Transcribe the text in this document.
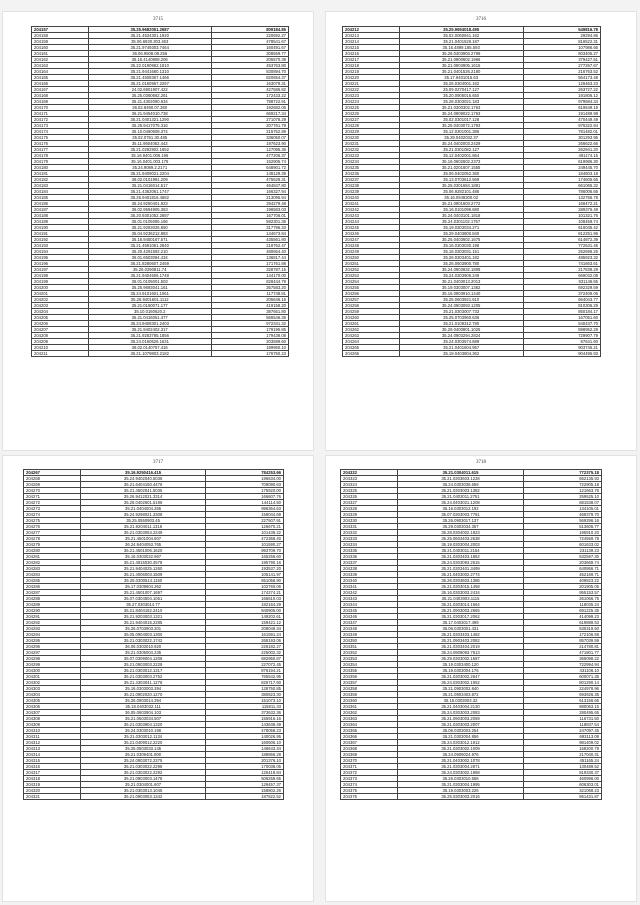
3715
204157	35.25.9682051.2687	809184.85
204158	35.21.4534301.1920	220692.27
204159	35.06.6930.303.463	478541.67
204160	35.21.9749303.7464	160491.67
204161	36.06.9508.08.256	308559.77
204162	35.16.4140808.206	205570.39
204163	35.22.0190962.1810	453763.80
204164	35.21.9441680.1310	830894.70
204165	35.21.4508367.1466	820654.37
204166	35.21.0160967.2267	163079.31
204167	24.02.6901907.422	427586.82
204168	35.25.0360662.261	172433.22
204169	35.21.4302090.634	798722.91
204170	36.02.8490.07.360	192682.06
204171	36.21.9454010.738	669217.34
204172	35.21.0401321.1290	271078.29
204173	35.25.9417075.316	207761.79
204174	35.10.0460608.374	215752.89
204175	35.02.0761.30.485	336050.07
204176	35.11.9504062.443	197623.90
204177	35.21.0282902.1652	127095.36
204178	35.16.9401.006.196	477206.37
204179	35.16.0401.003.176	152905.74
204180	35.24.9089.2.2171	648901.72
204181	35.21.9409021.2204	148129.39
204182	36.02.0101981.209	475628.31
204183	35.21.0416014.517	464847.80
204184	35.21.4362061.1747	166327.94
204185	35.26.9401816.4682	213095.94
204186	35.24.9250401.923	294279.48
204187	36.02.9594905.363	196583.03
204188	35.20.9301052.2687	167706.01
204189	35.01.0105085.166	592301.36
204190	35.21.9283026.650	317796.33
204191	35.04.9236212.883	144673.84
204192	35.16.9450167.571	435561.80
204193	35.21.4591061.2840	218762.47
204194	35.20.4291692.210	480664.40
204195	36.01.6503084.434	136817.44
204196	35.21.8280607.2459	171761.88
204197	35.26.0290811.74	328787.15
204198	35.21.9404506.1748	144170.00
204199	36.01.0105001.503	828444.79
204200	35.25.9693041.161	357583.20
204201	35.24.9101601.1061	117748.81
204202	35.26.9401601.1112	205646.16
204203	35.21.0160071.177	419158.20
204204	35.10.0160620.2	387651.80
204205	35.21.0416051.477	566546.36
204206	35.24.9408301.2403	972341.32
204207	35.21.9402402.317	179195.85
204208	35.21.9283785.1856	179438.08
204209	35.24.0160626.1631	203589.60
204210	36.02.0140757.416	199960.10
204211	35.21.1079803.2182	176750.23
3716
204212	35.25.9694018.495	549816.78
204213	35.02.0060941.162	29294.86
204214	35.21.0401526.187	816522.31
204215	35.16.4899.185.593	107986.66
204216	35.26.0403903.2799	803405.27
204217	35.21.0900602.1966	379427.51
204218	35.21.0903905.1615	277257.67
204219	35.21.0401526.2180	216763.52
204220	35.17.9401015.63	564173.48
204221	35.26.0304001.162	126463.23
204222	25.09.0270417.127	263727.22
204223	35.20.0906016.650	191806.12
204224	35.28.0303021.183	979684.34
204225	35.21.0300302.1763	619549.19
204226	35.24.0909022.1763	191489.98
204227	35.02.0301017.128	470449.49
204228	35.25.0403072.1793	976322.94
204229	35.12.0301001.386	781482.01
204230	35.29.0402032.37	301293.95
204231	35.24.0402003.2429	266622.66
204232	35.21.0301082.127	262941.20
204233	35.12.0402001.864	491174.15
204234	35.16.0602602.2373	619986.30
204235	35.21.0201607.1555	249445.70
204236	35.06.0402052.360	184603.18
204237	35.13.0703612.569	174605.65
204238	35.25.0301684.1881	661065.32
204239	35.06.9282101.486	786006.66
204240	35.16.0949300.02	132756.78
204241	35.21.0901603.2772	168472.21
204242	35.16.0101096.680	289376.49
204243	35.24.0403101.1818	101321.76
204244	35.24.0301102.1757	108459.74
204245	35.19.0303034.271	616045.42
204246	35.29.0403800.840	812251.96
204247	35.25.0403602.1675	614872.39
204248	35.16.0303030.198	772631.46
204249	35.16.0303031.151	252696.25
204250	35.26.0303401.182	485923.32
204251	35.26.0603900.780	741663.61
204252	35.24.0903932.1808	217839.29
204253	35.24.0303906.249	669032.08
204254	35.21.0403013.2013	831146.65
204255	35.19.0303007.1362	692329.59
204256	35.16.0903910.1440	372409.06
204257	35.25.0603921.610	664043.77
204258	35.24.0903093.1205	810306.29
204259	35.21.0303007.733	850184.17
204260	35.25.0703960.636	167051.60
204261	35.21.0109312.780	540437.70
204262	35.29.0400801.1025	898952.28
204263	35.24.0903294.2824	729907.79
204264	35.24.0303574.689	87641.60
204265	35.21.0401604.957	903745.21
204266	35.19.0403804.362	904495.93
3717
204267	35.16.9250416.415	784253.66
204268	35.24.9402040.5036	196634.00
204269	35.21.6404150.4476	709090.63
204270	35.21.4502041.5035	175920.00
204271	35.26.9412021.3314	166607.76
204272	35.26.0402601.5196	144114.50
204273	35.21.0404004.265	996364.63
204274	35.24.9298021.3308	159044.69
204275	35.25.0550903.45	227507.91
204276	35.21.9204011.1316	126670.21
204277	35.21.0303054.2249	101438.22
204278	35.21.4501004.607	472368.40
204279	36.24.9404053.765	101590.27
204280	35.21.4501006.1620	993709.70
204281	35.16.0303022.967	165256.60
204282	35.21.4915030.4578	195790.16
204283	35.21.9404025.1260	193537.20
204284	35.21.4006003.1509	105141.97
204285	35.25.0300514.1150	651056.90
204286	35.17.0309604.362	102760.06
204287	35.21.4501007.1697	174274.21
204288	35.07.0304504.1051	165610.03
204289	35.27.0303014.77	182164.29
204290	35.21.8404162.2410	940905.00
204291	35.21.9203003.1321	149202.61
204292	35.21.9404015.2285	159421.12
204293	35.26.0703903.201	208049.34
204294	35.05.0904003.1300	161591.24
204295	35.21.0303022.1742	268193.06
204296	36.06.0303010.920	226182.27
204297	35.21.0305004.235	225002.32
204298	35.07.0309004.1206	682950.87
204299	35.21.0903003.2229	227072.45
204300	35.21.0303012.1317	876194.21
204301	35.21.0303003.2752	765542.95
204302	35.21.4303041.1276	826717.60
204303	35.16.0303003.394	128750.85
204304	35.21.0902020.1270	380823.30
204305	35.26.0903014.394	151073.10
204306	35.18.0403032.111	115811.33
204307	36.05.0603904.103	373632.36
204308	35.21.0503034.507	155916.16
204309	35.21.0303904.1320	143648.49
204310	35.24.0303010.198	478058.23
204311	35.21.0303012.1134	140026.95
204312	35.21.0409012.2220	160606.10
204313	35.25.0503033.145	146643.34
204314	35.21.0309401.800	188866.28
204315	35.24.0903072.2375	201376.10
204316	35.21.0303022.2296	170038.05
204317	35.21.0303022.2292	125418.84
204318	35.21.0903003.1478	506259.65
204319	35.21.0304001.607	129457.37
204320	35.21.0303013.1045	158802.26
204321	35.21.0903053.1342	187822.52
3718
204322	35.21.0304011.615	772375.18
204323	35.21.0303603.1228	652135.93
204324	35.24.0303036.659	722905.18
204325	35.21.0303003.1382	121663.76
204326	35.21.0403011.2751	259525.10
204327	35.24.0403021.1208	681538.07
204328	35.16.0303012.192	134105.01
204329	35.07.0303003.7781	469379.70
204330	35.26.0903017.137	569296.16
204331	35.29.0303034.357	513605.77
204332	35.28.0304002.1823	195910.20
204333	35.25.0603403.2638	724559.78
204334	35.19.0303004.2003	601633.02
204335	35.21.0403011.2154	231139.23
204336	35.21.0303403.1862	632597.30
204337	35.24.0303093.2615	203669.74
204338	35.21.0303401.3499	640866.71
204339	35.21.0403002.2774	452169.71
204340	35.26.0303603.1386	409823.22
204341	35.21.0303015.1458	201905.05
204342	35.16.0303003.2434	955153.57
204343	35.21.0403003.1115	261066.75
204344	35.21.0303014.1564	118035.24
204345	35.21.0903003.2665	691225.35
204346	35.21.0303017.2062	414099.23
204347	35.17.0403017.499	619889.53
204348	35.06.0303001.431	630319.50
204349	35.21.0303403.1482	172106.59
204350	35.21.0903403.2082	857039.59
204351	35.21.0303404.2019	214780.81
204352	35.24.0909093.7613	471801.77
204353	35.29.0303002.1587	365098.22
204354	35.19.0303400.120	722994.94
204355	35.19.0303004.176	431106.10
204356	35.21.0303002.2647	600071.35
204357	35.24.0303002.1952	801290.14
204358	35.21.0903002.840	224978.96
204359	35.21.0903403.872	693926.35
204360	35.16.0303003.32	613156.66
204361	35.21.0403004.2130	880063.15
204362	35.24.0303003.2083	280495.65
204363	35.21.0903003.2059	116731.50
204364	35.21.0303003.2007	118837.54
204365	35.06.0303003.254	247097.45
204366	35.21.0303004.856	693113.08
204367	35.24.0303012.1912	981409.02
204368	35.21.0303002.1009	158200.79
204369	35.24.0909024.976	217040.31
204370	35.21.0403002.1078	451165.24
204371	35.21.0303004.2871	130489.52
204372	35.24.0303002.1888	819330.37
204373	35.26.0303010.568	460996.00
204374	35.21.0303004.1995	606303.01
204375	35.19.0303003.226	321068.23
204376	35.25.0303003.2016	861431.87
